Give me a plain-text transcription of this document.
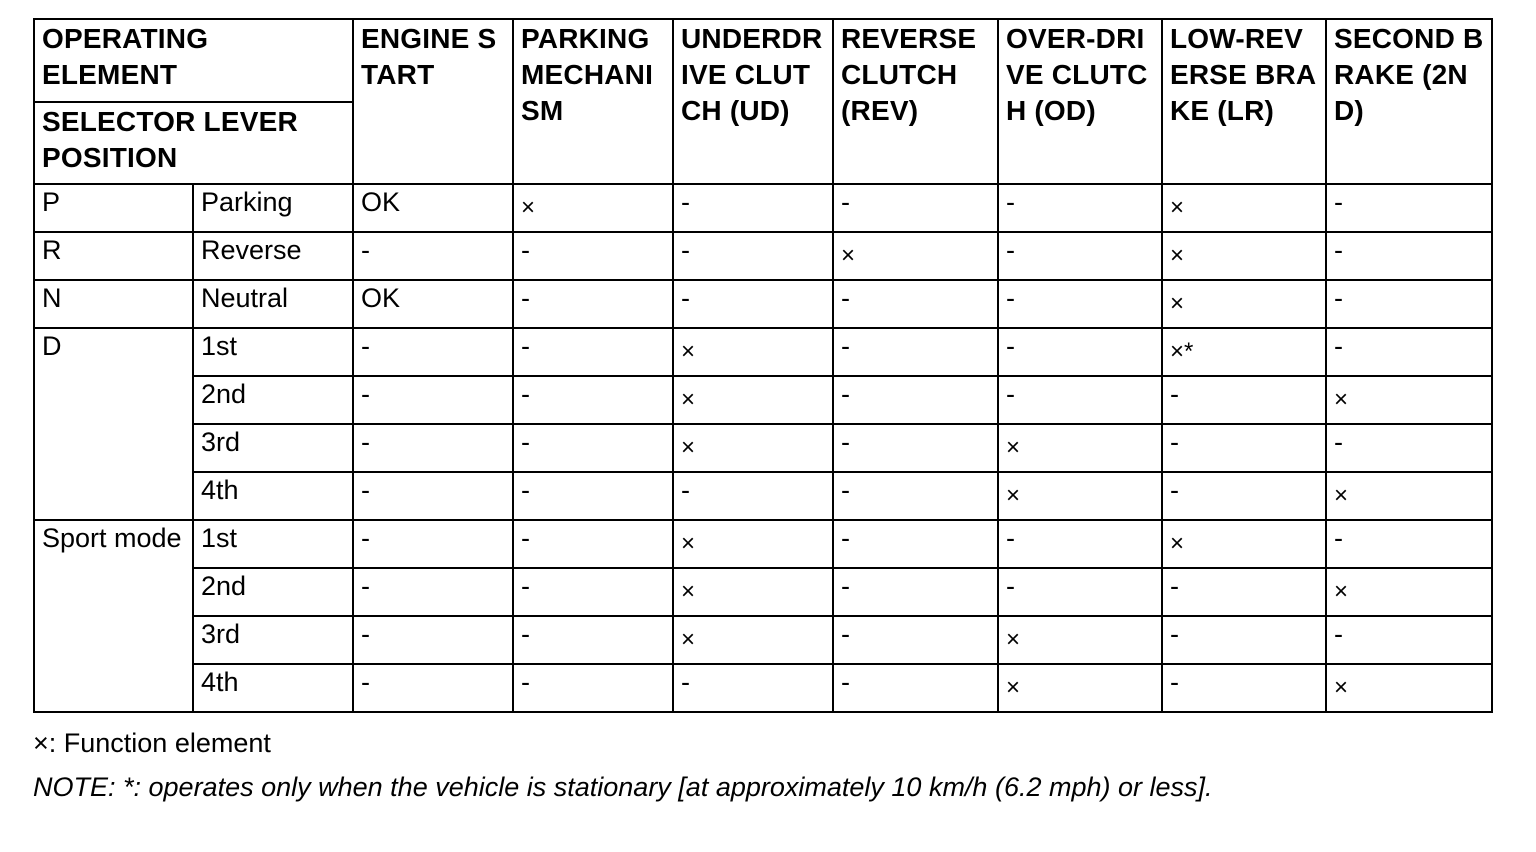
OPERATING ELEMENT		ENGINE START	PARKING MECHANISM	UNDERDRIVE CLUTCH (UD)	REVERSE CLUTCH (REV)	OVER-DRIVE CLUTCH (OD)	LOW-REVERSE BRAKE (LR)	SECOND BRAKE (2ND)
SELECTOR LEVER POSITION								
P	Parking	OK	×	-	-	-	×	-
R	Reverse	-	-	-	×	-	×	-
N	Neutral	OK	-	-	-	-	×	-
D	1st	-	-	×	-	-	×*	-
	2nd	-	-	×	-	-	-	×
	3rd	-	-	×	-	×	-	-
	4th	-	-	-	-	×	-	×
Sport mode	1st	-	-	×	-	-	×	-
	2nd	-	-	×	-	-	-	×
	3rd	-	-	×	-	×	-	-
	4th	-	-	-	-	×	-	×
×: Function element
NOTE: *: operates only when the vehicle is stationary [at approximately 10 km/h (6.2 mph) or less].
